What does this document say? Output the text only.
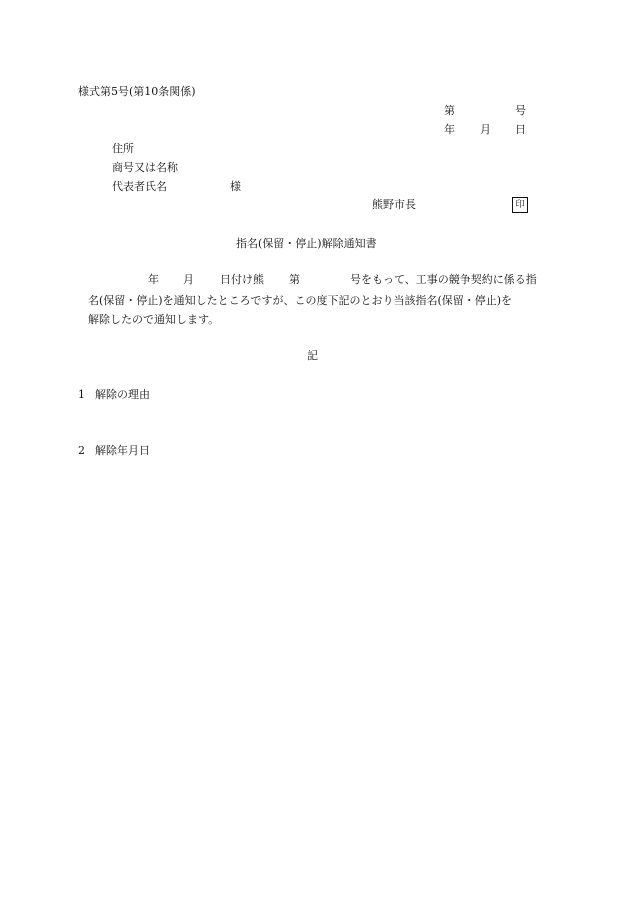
様式第5号(第10条関係)
第	号
年 月 日
住所
商号又は名称
代表者氏名	様
熊野市長	印
指名(保留・停止)解除通知書
年 月 日付け熊 第	号をもって、工事の競争契約に係る指
名(保留・停止)を通知したところですが、この度下記のとおり当該指名(保留・停止)を
解除したので通知します。
記
1 解除の理由
2 解除年月日
